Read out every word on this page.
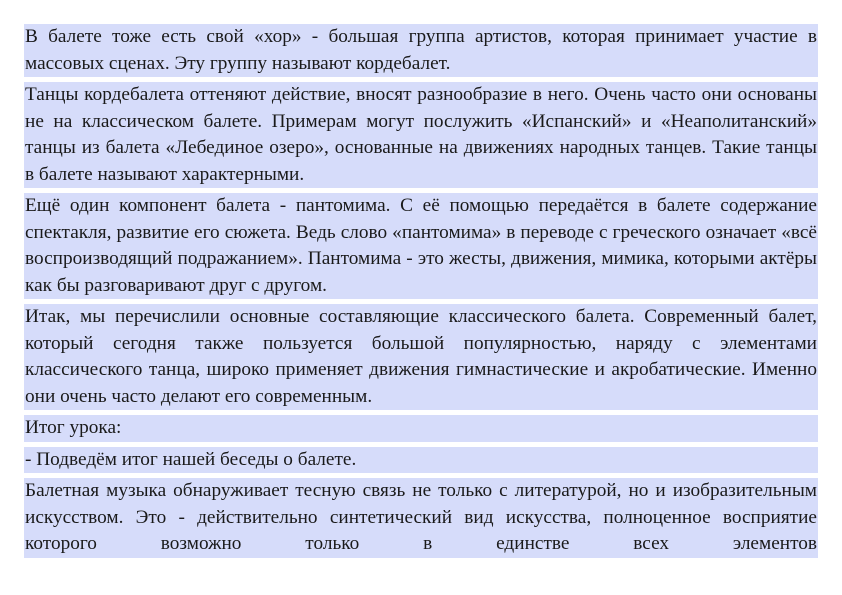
В балете тоже есть свой «хор» - большая группа артистов, которая принимает участие в массовых сценах. Эту группу называют кордебалет.

Танцы кордебалета оттеняют действие, вносят разнообразие в него. Очень часто они основаны не на классическом балете. Примерам могут послужить «Испанский» и «Неаполитанский» танцы из балета «Лебединое озеро», основанные на движениях народных танцев. Такие танцы в балете называют характерными.

Ещё один компонент балета - пантомима. С её помощью передаётся в балете содержание спектакля, развитие его сюжета. Ведь слово «пантомима» в переводе с греческого означает «всё воспроизводящий подражанием». Пантомима - это жесты, движения, мимика, которыми актёры как бы разговаривают друг с другом.

Итак, мы перечислили основные составляющие классического балета. Современный балет, который сегодня также пользуется большой популярностью, наряду с элементами классического танца, широко применяет движения гимнастические и акробатические. Именно они очень часто делают его современным.

Итог урока:

- Подведём итог нашей беседы о балете.

Балетная музыка обнаруживает тесную связь не только с литературой, но и изобразительным искусством. Это - действительно синтетический вид искусства, полноценное восприятие которого возможно только в единстве всех элементов
